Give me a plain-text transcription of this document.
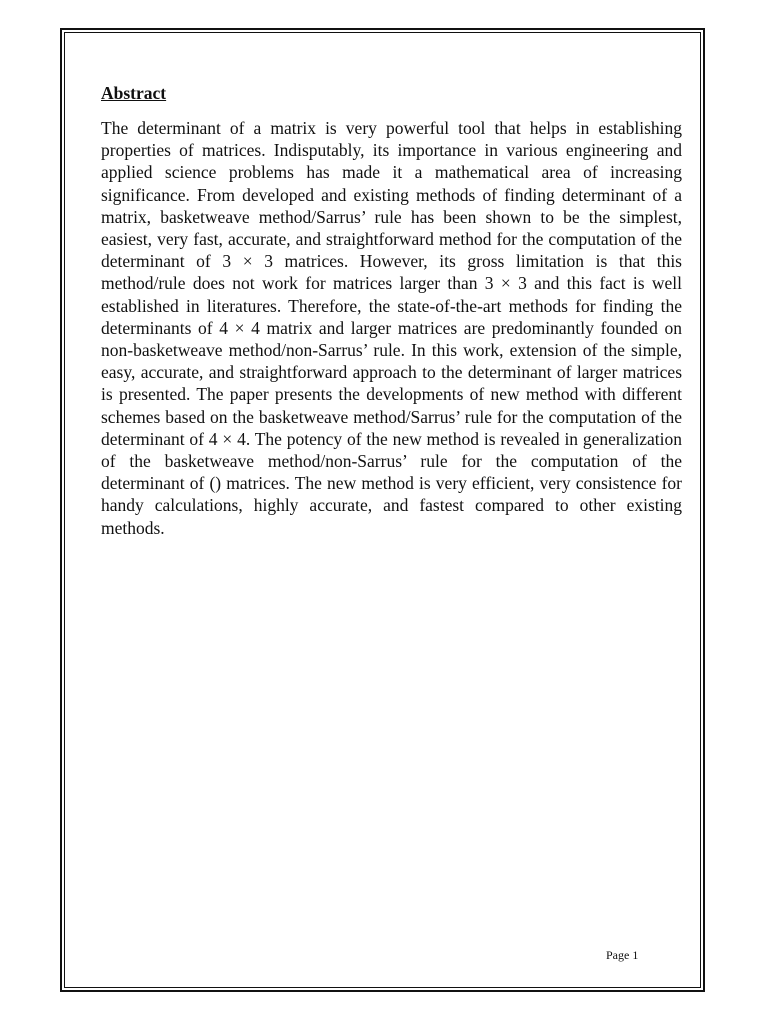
Abstract

The determinant of a matrix is very powerful tool that helps in establishing properties of matrices. Indisputably, its importance in various engineering and applied science problems has made it a mathematical area of increasing significance. From developed and existing methods of finding determinant of a matrix, basketweave method/Sarrus’ rule has been shown to be the simplest, easiest, very fast, accurate, and straightforward method for the computation of the determinant of 3 × 3 matrices. However, its gross limitation is that this method/rule does not work for matrices larger than 3 × 3 and this fact is well established in literatures. Therefore, the state-of-the-art methods for finding the determinants of 4 × 4 matrix and larger matrices are predominantly founded on non-basketweave method/non-Sarrus’ rule. In this work, extension of the simple, easy, accurate, and straightforward approach to the determinant of larger matrices is presented. The paper presents the developments of new method with different schemes based on the basketweave method/Sarrus’ rule for the computation of the determinant of 4 × 4. The potency of the new method is revealed in generalization of the basketweave method/non-Sarrus’ rule for the computation of the determinant of () matrices. The new method is very efficient, very consistence for handy calculations, highly accurate, and fastest compared to other existing methods.

Page 1
